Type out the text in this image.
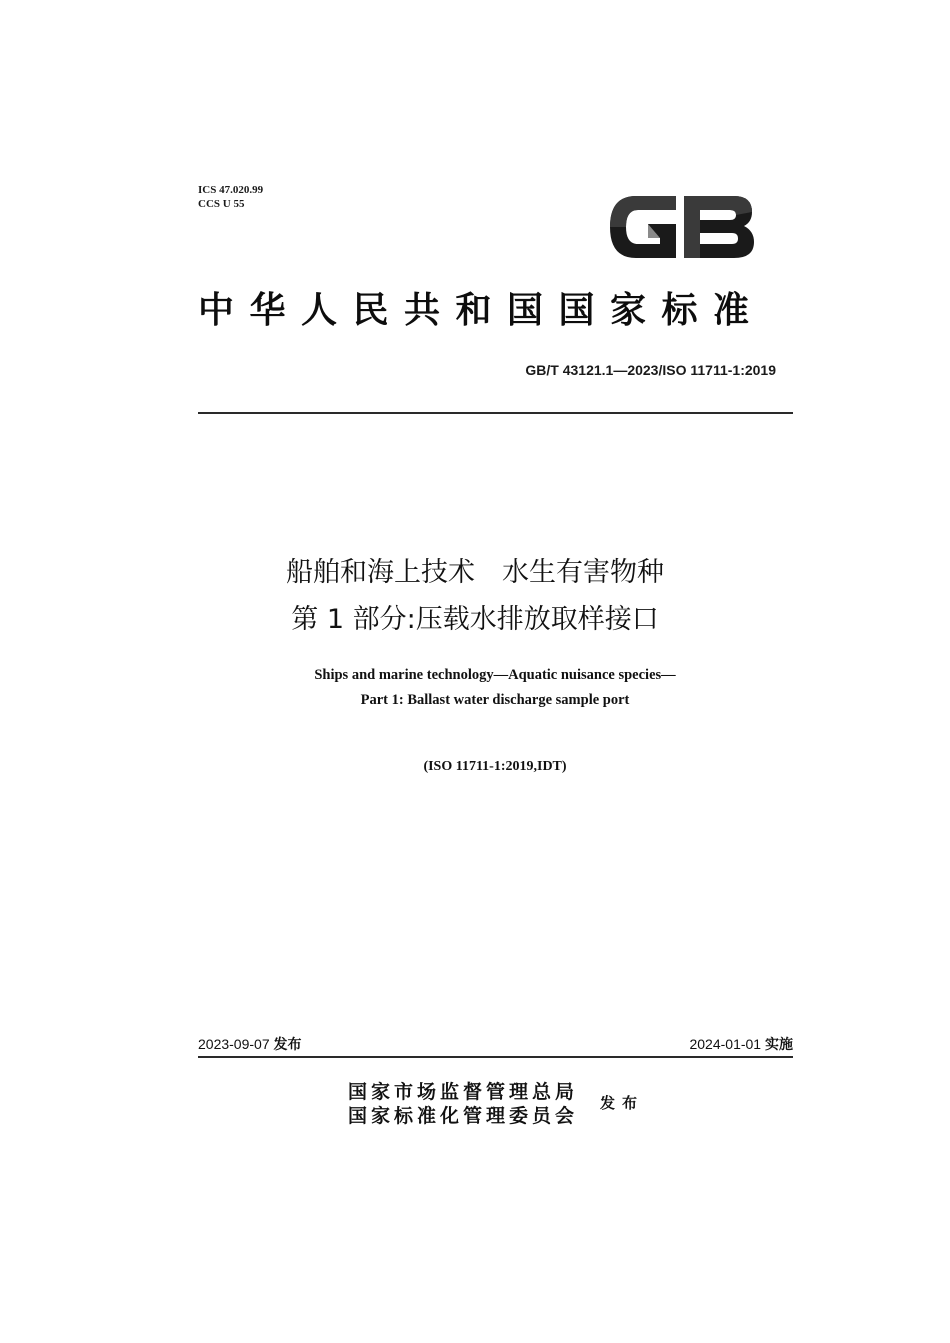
ICS 47.020.99
CCS U 55
中华人民共和国国家标准
GB/T 43121.1—2023/ISO 11711-1:2019
船舶和海上技术　水生有害物种
第 1 部分:压载水排放取样接口
Ships and marine technology—Aquatic nuisance species—
Part 1: Ballast water discharge sample port
(ISO 11711-1:2019,IDT)
2023-09-07 发布	2024-01-01 实施
国家市场监督管理总局
国家标准化管理委员会
发布
